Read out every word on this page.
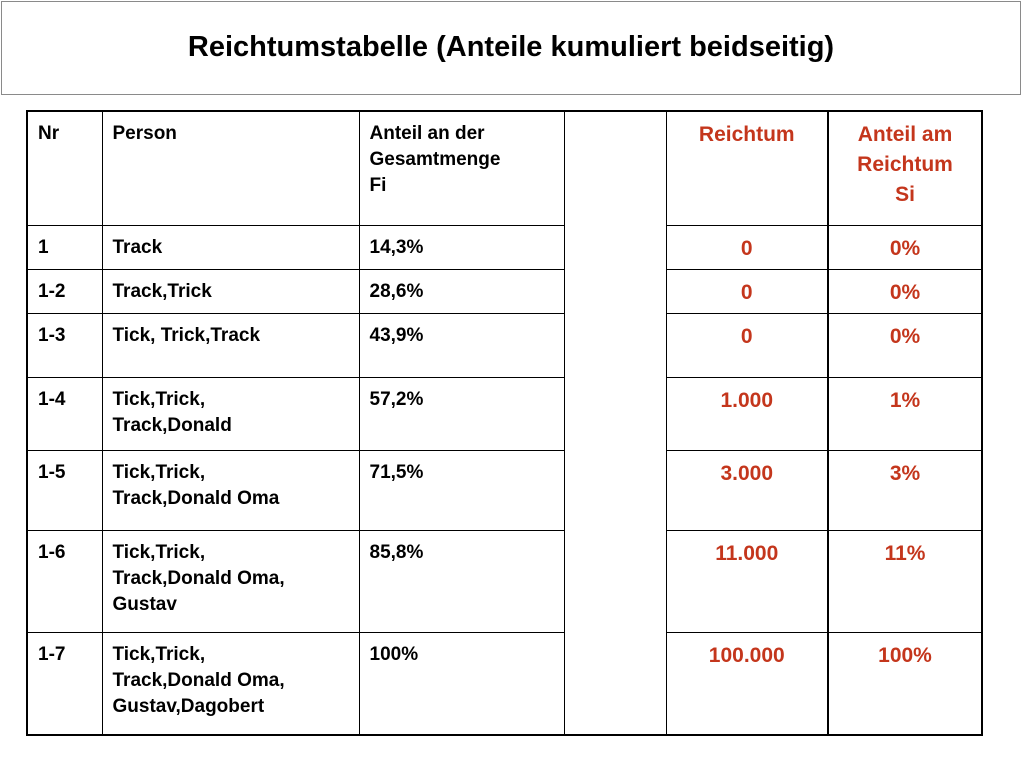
Reichtumstabelle (Anteile kumuliert beidseitig)
Nr	Person	Anteil an der
Gesamtmenge
Fi		Reichtum	Anteil am
Reichtum
Si
1	Track	14,3%		0	0%
1-2	Track,Trick	28,6%		0	0%
1-3	Tick, Trick,Track	43,9%		0	0%
1-4	Tick,Trick,
Track,Donald	57,2%		1.000	1%
1-5	Tick,Trick,
Track,Donald Oma	71,5%		3.000	3%
1-6	Tick,Trick,
Track,Donald Oma,
Gustav	85,8%		11.000	11%
1-7	Tick,Trick,
Track,Donald Oma,
Gustav,Dagobert	100%		100.000	100%
